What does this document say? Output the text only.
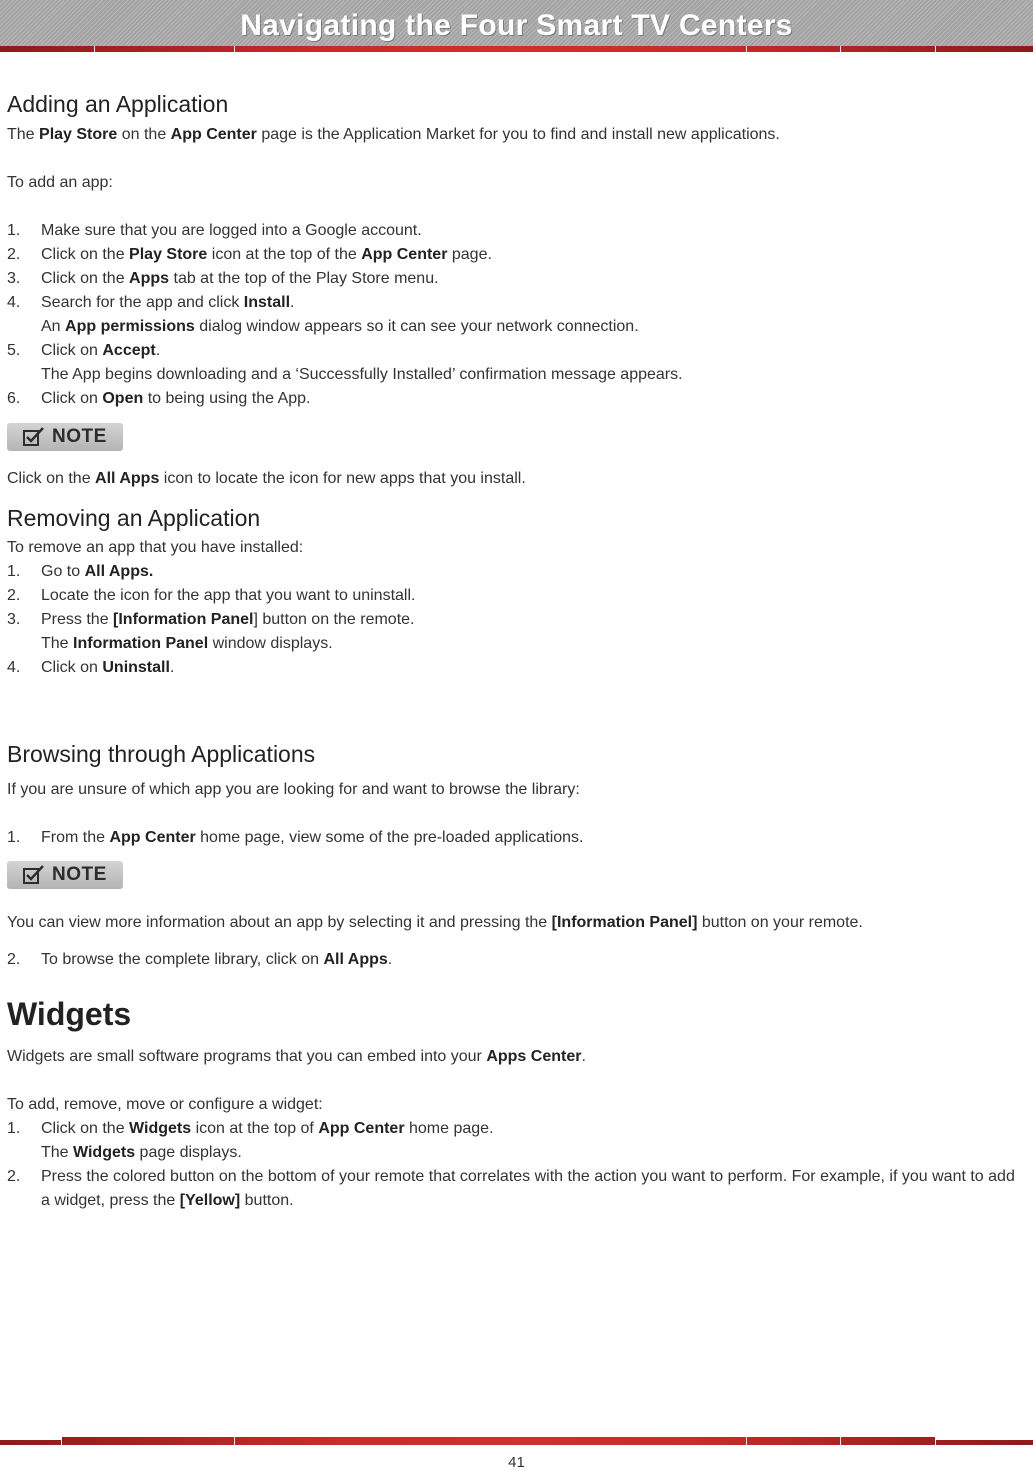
Navigating the Four Smart TV Centers
Adding an Application

The Play Store on the App Center page is the Application Market for you to find and install new applications.

To add an app:

1. Make sure that you are logged into a Google account.
2. Click on the Play Store icon at the top of the App Center page.
3. Click on the Apps tab at the top of the Play Store menu.
4. Search for the app and click Install.
An App permissions dialog window appears so it can see your network connection.
5. Click on Accept.
The App begins downloading and a ‘Successfully Installed’ confirmation message appears.
6. Click on Open to being using the App.
NOTE

Click on the All Apps icon to locate the icon for new apps that you install.

Removing an Application

To remove an app that you have installed:

1. Go to All Apps.
2. Locate the icon for the app that you want to uninstall.
3. Press the [Information Panel] button on the remote.
The Information Panel window displays.
4. Click on Uninstall.
Browsing through Applications

If you are unsure of which app you are looking for and want to browse the library:

1. From the App Center home page, view some of the pre-loaded applications.
NOTE

You can view more information about an app by selecting it and pressing the [Information Panel] button on your remote.

2. To browse the complete library, click on All Apps.
Widgets

Widgets are small software programs that you can embed into your Apps Center.

To add, remove, move or configure a widget:

1. Click on the Widgets icon at the top of App Center home page.
The Widgets page displays.
2. Press the colored button on the bottom of your remote that correlates with the action you want to perform. For example, if you want to add a widget, press the [Yellow] button.
41
